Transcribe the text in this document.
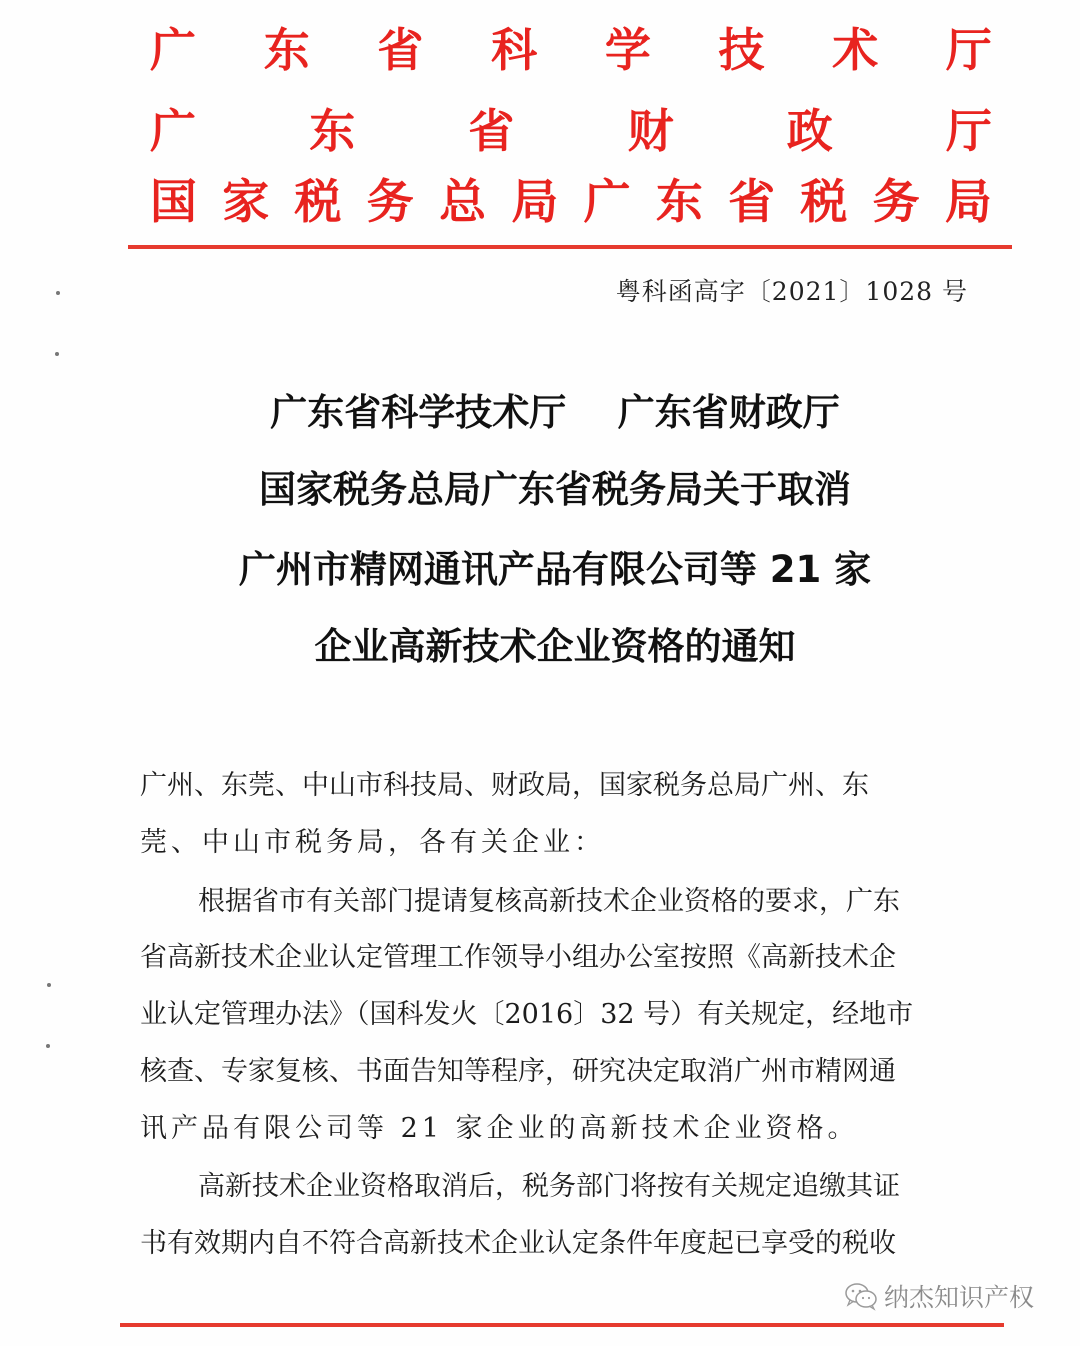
广 东 省 科 学 技 术 厅
广 东 省 财 政 厅
国 家 税 务 总 局 广 东 省 税 务 局
粤科函高字〔2021〕1028 号
广东省科学技术厅    广东省财政厅
国家税务总局广东省税务局关于取消
广州市精网通讯产品有限公司等 21 家
企业高新技术企业资格的通知
广州、东莞、中山市科技局、财政局，国家税务总局广州、东
莞、中山市税务局，各有关企业：
根据省市有关部门提请复核高新技术企业资格的要求，广东
省高新技术企业认定管理工作领导小组办公室按照《高新技术企
业认定管理办法》（国科发火〔2016〕32 号）有关规定，经地市
核查、专家复核、书面告知等程序，研究决定取消广州市精网通
讯产品有限公司等 21 家企业的高新技术企业资格。
高新技术企业资格取消后，税务部门将按有关规定追缴其证
书有效期内自不符合高新技术企业认定条件年度起已享受的税收
纳杰知识产权
